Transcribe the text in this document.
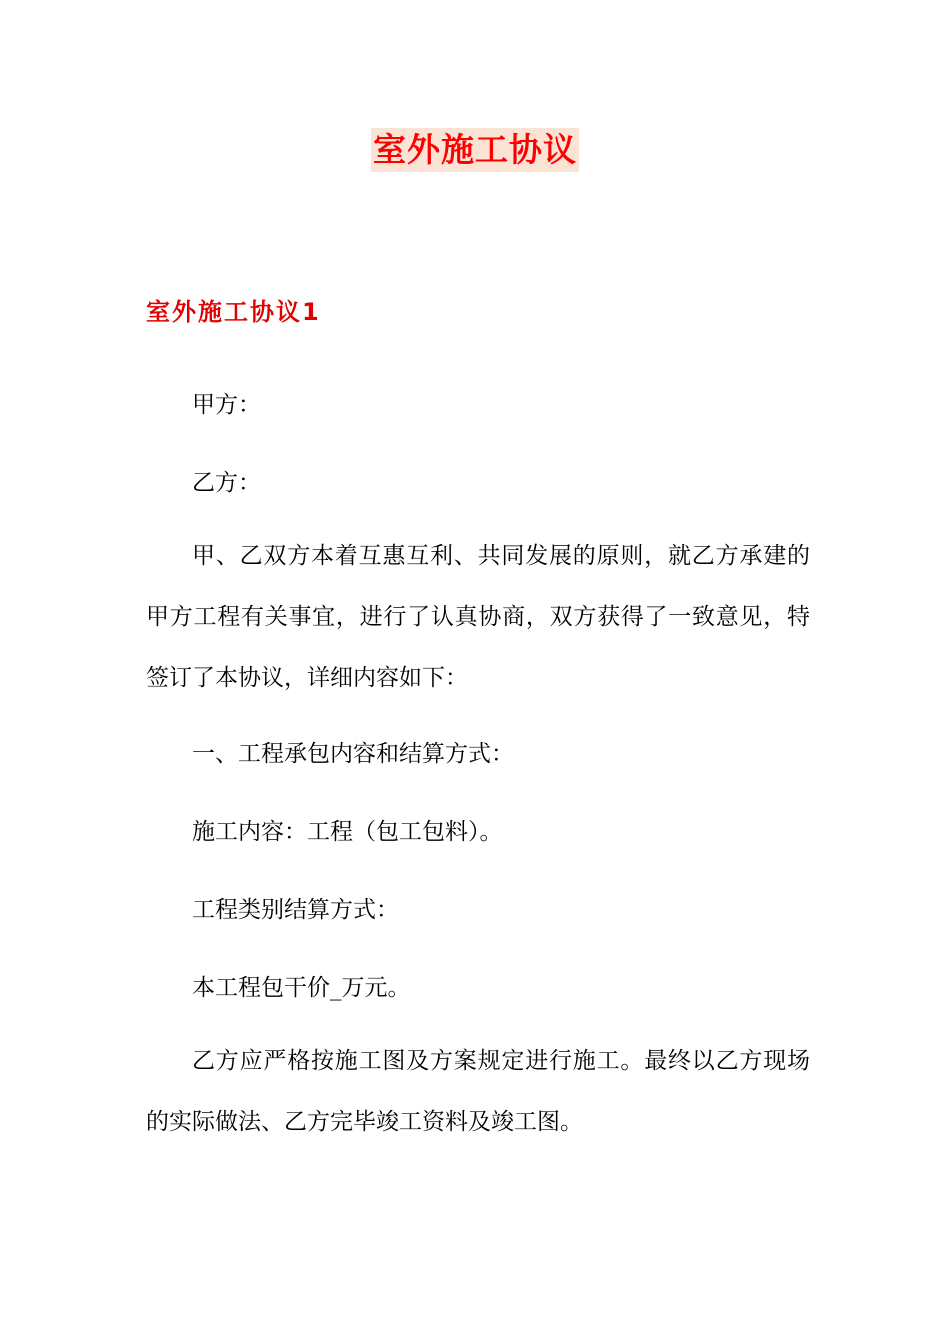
室外施工协议
室外施工协议1

甲方：

乙方：

甲、乙双方本着互惠互利、共同发展的原则，就乙方承建的甲方工程有关事宜，进行了认真协商，双方获得了一致意见，特签订了本协议，详细内容如下：

一、工程承包内容和结算方式：

施工内容：工程（包工包料）。

工程类别结算方式：

本工程包干价_万元。

乙方应严格按施工图及方案规定进行施工。最终以乙方现场的实际做法、乙方完毕竣工资料及竣工图。
